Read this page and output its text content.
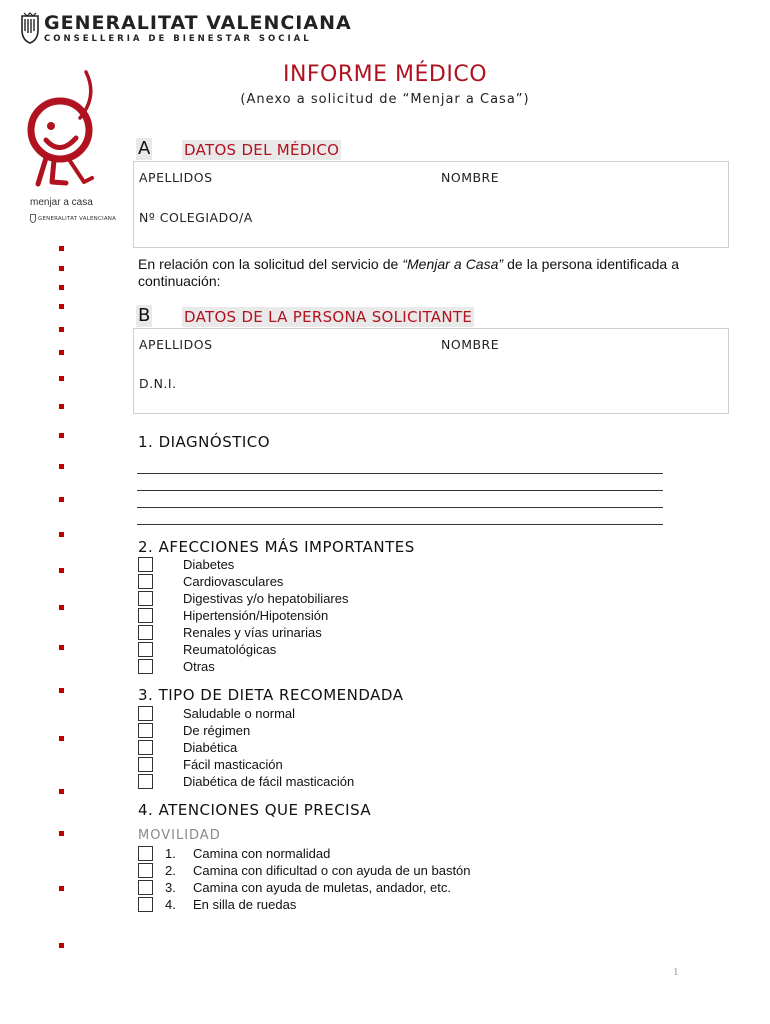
GENERALITAT VALENCIANA
CONSELLERIA DE BIENESTAR SOCIAL
menjar a casa
GENERALITAT VALENCIANA
INFORME MÉDICO
(Anexo a solicitud de “Menjar a Casa”)
A DATOS DEL MÉDICO
APELLIDOS	NOMBRE
Nº COLEGIADO/A
En relación con la solicitud del servicio de “Menjar a Casa” de la persona identificada a continuación:
B DATOS DE LA PERSONA SOLICITANTE
APELLIDOS	NOMBRE
D.N.I.
1. DIAGNÓSTICO
2. AFECCIONES MÁS IMPORTANTES
Diabetes
Cardiovasculares
Digestivas y/o hepatobiliares
Hipertensión/Hipotensión
Renales y vías urinarias
Reumatológicas
Otras
3. TIPO DE DIETA RECOMENDADA
Saludable o normal
De régimen
Diabética
Fácil masticación
Diabética de fácil masticación
4. ATENCIONES QUE PRECISA
MOVILIDAD
1. Camina con normalidad
2. Camina con dificultad o con ayuda de un bastón
3. Camina con ayuda de muletas, andador, etc.
4. En silla de ruedas
1
